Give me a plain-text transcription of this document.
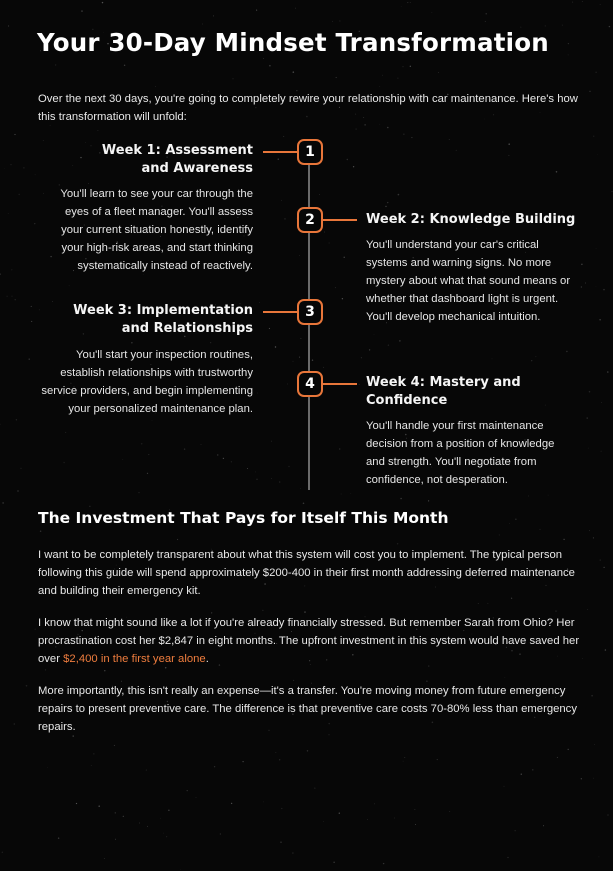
Your 30-Day Mindset Transformation

Over the next 30 days, you're going to completely rewire your relationship with car maintenance. Here's how this transformation will unfold:

1

Week 1: Assessment and Awareness

You'll learn to see your car through the eyes of a fleet manager. You'll assess your current situation honestly, identify your high-risk areas, and start thinking systematically instead of reactively.

2	Week 2: Knowledge Building

You'll understand your car's critical systems and warning signs. No more mystery about what that sound means or whether that dashboard light is urgent. You'll develop mechanical intuition.

3

Week 3: Implementation and Relationships

You'll start your inspection routines, establish relationships with trustworthy service providers, and begin implementing your personalized maintenance plan.

4	Week 4: Mastery and Confidence

You'll handle your first maintenance decision from a position of knowledge and strength. You'll negotiate from confidence, not desperation.

The Investment That Pays for Itself This Month

I want to be completely transparent about what this system will cost you to implement. The typical person following this guide will spend approximately $200-400 in their first month addressing deferred maintenance and building their emergency kit.

I know that might sound like a lot if you're already financially stressed. But remember Sarah from Ohio? Her procrastination cost her $2,847 in eight months. The upfront investment in this system would have saved her over $2,400 in the first year alone.

More importantly, this isn't really an expense—it's a transfer. You're moving money from future emergency repairs to present preventive care. The difference is that preventive care costs 70-80% less than emergency repairs.
